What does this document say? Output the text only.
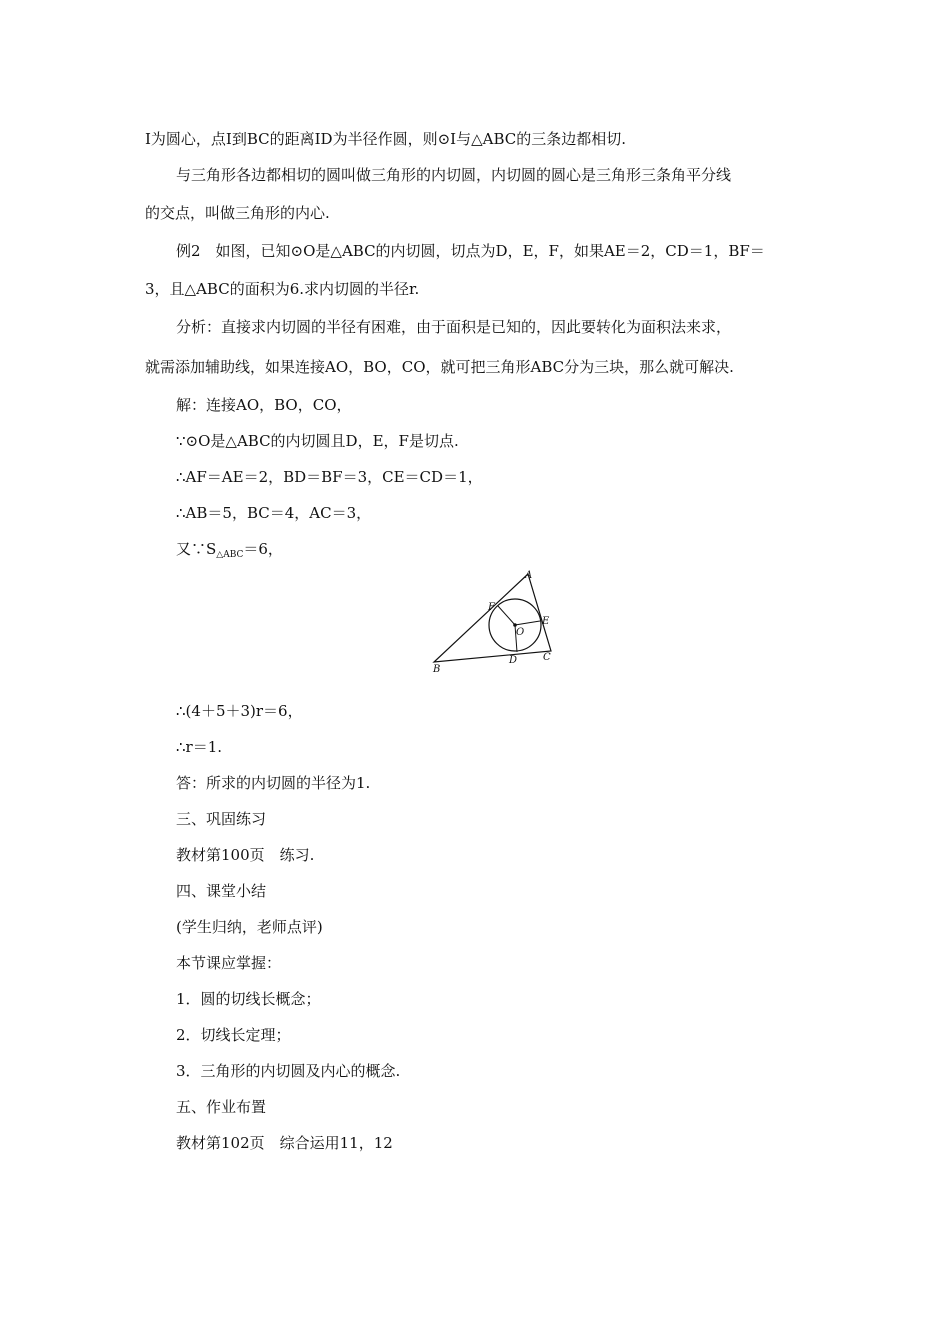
I为圆心，点I到BC的距离ID为半径作圆，则⊙I与△ABC的三条边都相切.
与三角形各边都相切的圆叫做三角形的内切圆，内切圆的圆心是三角形三条角平分线
的交点，叫做三角形的内心.
例2　如图，已知⊙O是△ABC的内切圆，切点为D，E，F，如果AE＝2，CD＝1，BF＝
3，且△ABC的面积为6.求内切圆的半径r.
分析：直接求内切圆的半径有困难，由于面积是已知的，因此要转化为面积法来求，
就需添加辅助线，如果连接AO，BO，CO，就可把三角形ABC分为三块，那么就可解决.
解：连接AO，BO，CO，
∵⊙O是△ABC的内切圆且D，E，F是切点.
∴AF＝AE＝2，BD＝BF＝3，CE＝CD＝1，
∴AB＝5，BC＝4，AC＝3，
又$\because S_{\triangle ABC}=6$，
A
B
C
D
E
F
O
∴(4＋5＋3)r＝6，
∴r＝1.
答：所求的内切圆的半径为1.
三、巩固练习
教材第100页　练习.
四、课堂小结
(学生归纳，老师点评)
本节课应掌握：
1．圆的切线长概念；
2．切线长定理；
3．三角形的内切圆及内心的概念.
五、作业布置
教材第102页　综合运用11，12
